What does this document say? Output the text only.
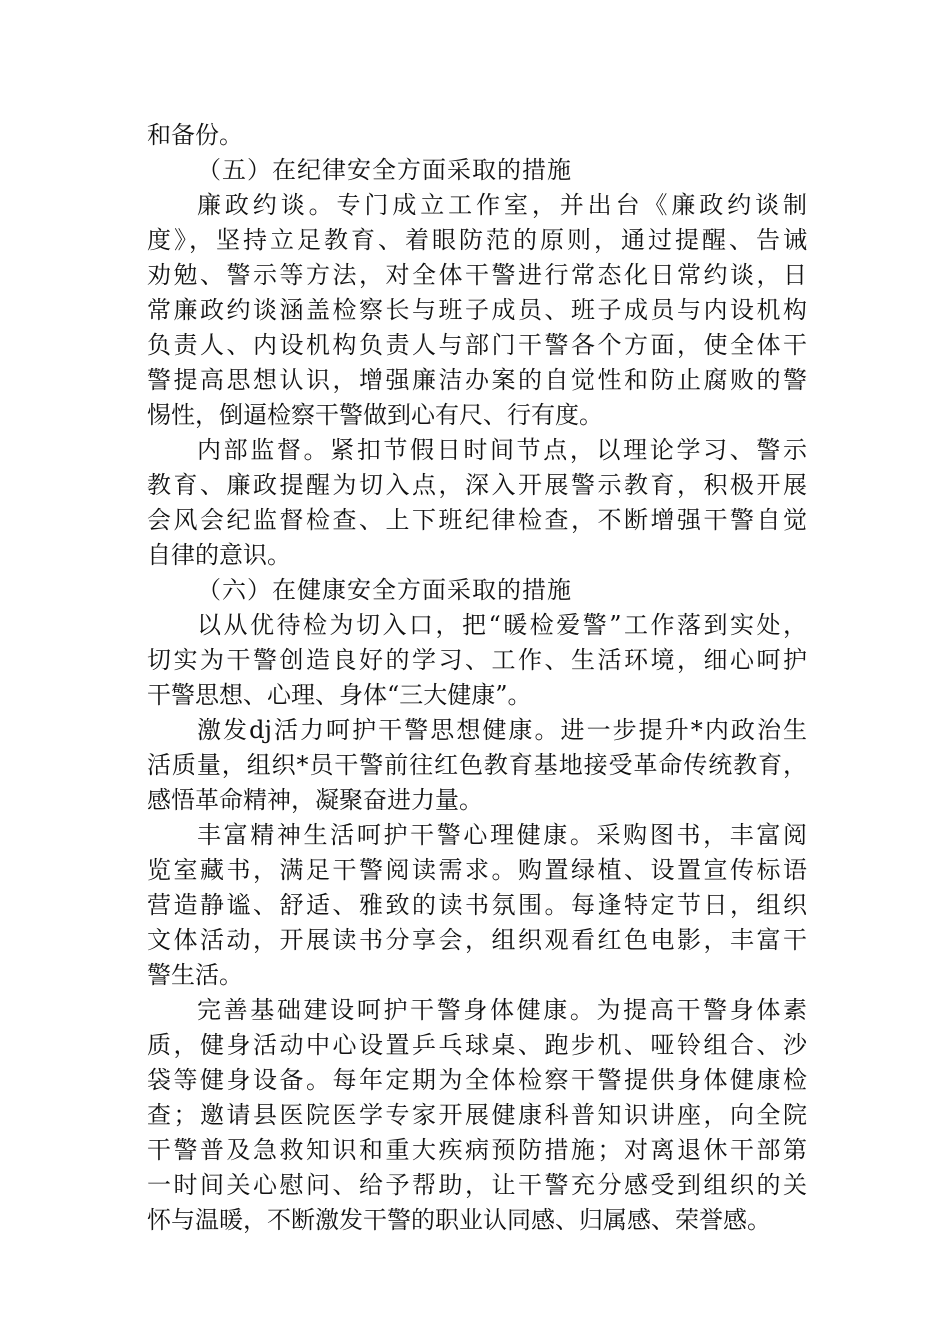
和备份。
（五）在纪律安全方面采取的措施
廉政约谈。专门成立工作室，并出台《廉政约谈制
度》，坚持立足教育、着眼防范的原则，通过提醒、告诫
劝勉、警示等方法，对全体干警进行常态化日常约谈，日
常廉政约谈涵盖检察长与班子成员、班子成员与内设机构
负责人、内设机构负责人与部门干警各个方面，使全体干
警提高思想认识，增强廉洁办案的自觉性和防止腐败的警
惕性，倒逼检察干警做到心有尺、行有度。
内部监督。紧扣节假日时间节点，以理论学习、警示
教育、廉政提醒为切入点，深入开展警示教育，积极开展
会风会纪监督检查、上下班纪律检查，不断增强干警自觉
自律的意识。
（六）在健康安全方面采取的措施
以从优待检为切入口，把“暖检爱警”工作落到实处，
切实为干警创造良好的学习、工作、生活环境，细心呵护
干警思想、心理、身体“三大健康”。
激发dj活力呵护干警思想健康。进一步提升*内政治生
活质量，组织*员干警前往红色教育基地接受革命传统教育，
感悟革命精神，凝聚奋进力量。
丰富精神生活呵护干警心理健康。采购图书，丰富阅
览室藏书，满足干警阅读需求。购置绿植、设置宣传标语
营造静谧、舒适、雅致的读书氛围。每逢特定节日，组织
文体活动，开展读书分享会，组织观看红色电影，丰富干
警生活。
完善基础建设呵护干警身体健康。为提高干警身体素
质，健身活动中心设置乒乓球桌、跑步机、哑铃组合、沙
袋等健身设备。每年定期为全体检察干警提供身体健康检
查；邀请县医院医学专家开展健康科普知识讲座，向全院
干警普及急救知识和重大疾病预防措施；对离退休干部第
一时间关心慰问、给予帮助，让干警充分感受到组织的关
怀与温暖，不断激发干警的职业认同感、归属感、荣誉感。
